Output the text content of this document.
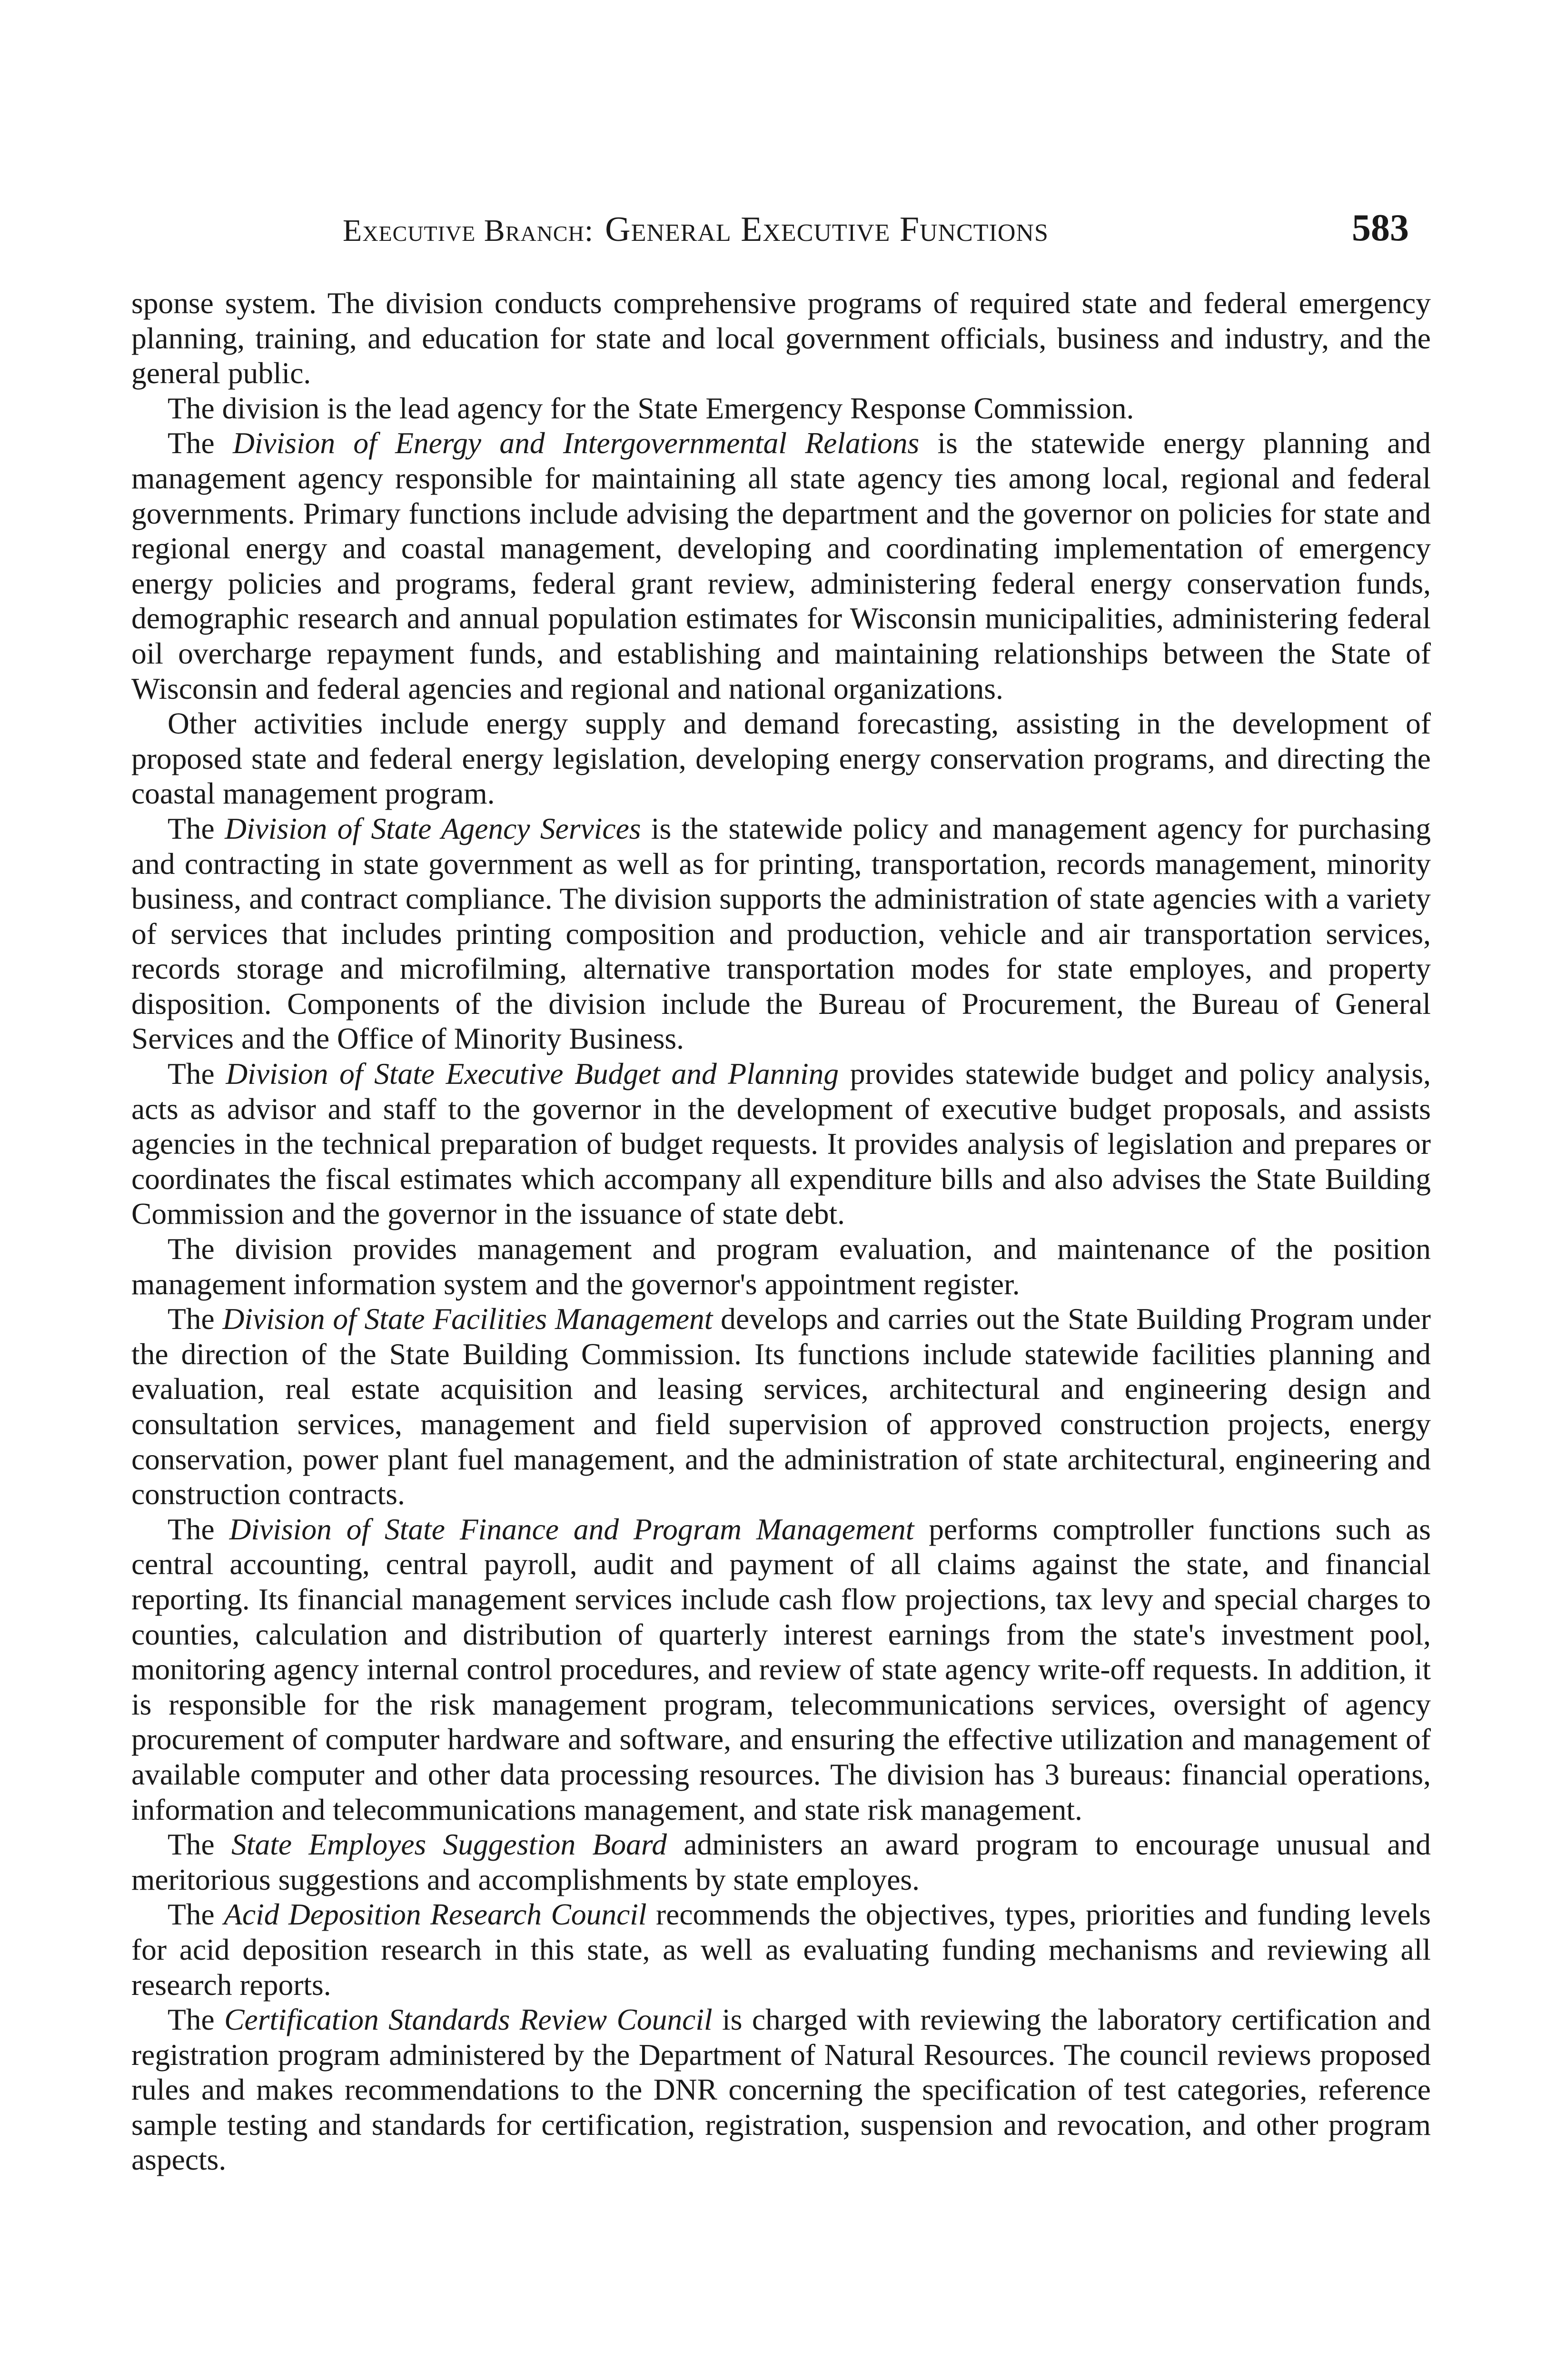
Executive Branch: General Executive Functions	583

sponse system. The division conducts comprehensive programs of required state and federal emergency planning, training, and education for state and local government officials, business and industry, and the general public.

The division is the lead agency for the State Emergency Response Commission.

The Division of Energy and Intergovernmental Relations is the statewide energy planning and management agency responsible for maintaining all state agency ties among local, regional and federal governments. Primary functions include advising the department and the governor on policies for state and regional energy and coastal management, developing and coordinating implementation of emergency energy policies and programs, federal grant review, administering federal energy conservation funds, demographic research and annual population estimates for Wisconsin municipalities, administering federal oil overcharge repayment funds, and establishing and maintaining relationships between the State of Wisconsin and federal agencies and regional and national organizations.

Other activities include energy supply and demand forecasting, assisting in the development of proposed state and federal energy legislation, developing energy conservation programs, and directing the coastal management program.

The Division of State Agency Services is the statewide policy and management agency for purchasing and contracting in state government as well as for printing, transportation, records management, minority business, and contract compliance. The division supports the administration of state agencies with a variety of services that includes printing composition and production, vehicle and air transportation services, records storage and microfilming, alternative transportation modes for state employes, and property disposition. Components of the division include the Bureau of Procurement, the Bureau of General Services and the Office of Minority Business.

The Division of State Executive Budget and Planning provides statewide budget and policy analysis, acts as advisor and staff to the governor in the development of executive budget proposals, and assists agencies in the technical preparation of budget requests. It provides analysis of legislation and prepares or coordinates the fiscal estimates which accompany all expenditure bills and also advises the State Building Commission and the governor in the issuance of state debt.

The division provides management and program evaluation, and maintenance of the position management information system and the governor's appointment register.

The Division of State Facilities Management develops and carries out the State Building Program under the direction of the State Building Commission. Its functions include statewide facilities planning and evaluation, real estate acquisition and leasing services, architectural and engineering design and consultation services, management and field supervision of approved construction projects, energy conservation, power plant fuel management, and the administration of state architectural, engineering and construction contracts.

The Division of State Finance and Program Management performs comptroller functions such as central accounting, central payroll, audit and payment of all claims against the state, and financial reporting. Its financial management services include cash flow projections, tax levy and special charges to counties, calculation and distribution of quarterly interest earnings from the state's investment pool, monitoring agency internal control procedures, and review of state agency write-off requests. In addition, it is responsible for the risk management program, telecommunications services, oversight of agency procurement of computer hardware and software, and ensuring the effective utilization and management of available computer and other data processing resources. The division has 3 bureaus: financial operations, information and telecommunications management, and state risk management.

The State Employes Suggestion Board administers an award program to encourage unusual and meritorious suggestions and accomplishments by state employes.

The Acid Deposition Research Council recommends the objectives, types, priorities and funding levels for acid deposition research in this state, as well as evaluating funding mechanisms and reviewing all research reports.

The Certification Standards Review Council is charged with reviewing the laboratory certification and registration program administered by the Department of Natural Resources. The council reviews proposed rules and makes recommendations to the DNR concerning the specification of test categories, reference sample testing and standards for certification, registration, suspension and revocation, and other program aspects.
